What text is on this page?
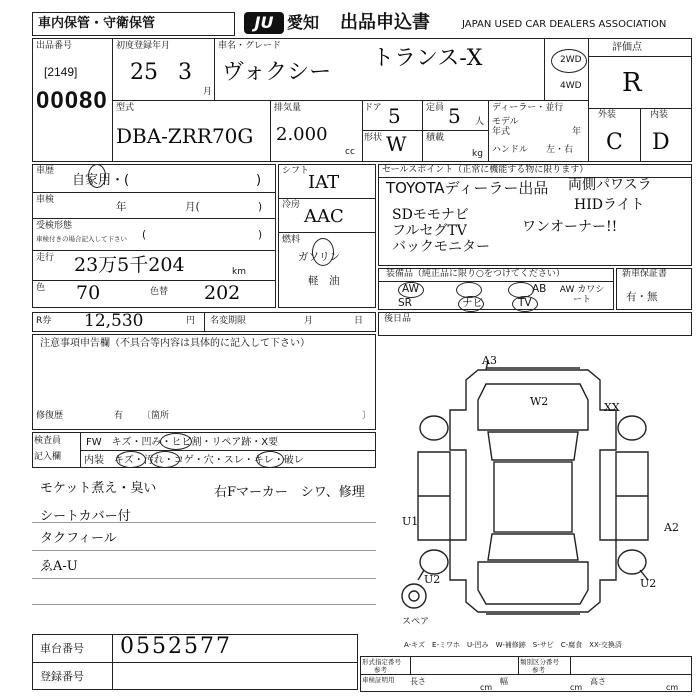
車内保管・守衛保管	JU 愛知 出品申込書	JAPAN USED CAR DEALERS ASSOCIATION
出品番号
[2149]
00080
初度登録年月
25 3
月
車名・グレード
ヴォクシー
トランス-X	2WD
4WD
評価点
R
外装	内装
C D
型式
DBA-ZRR70G
排気量
2.000
cc
ドア 5	定員 5 人
形状 W 積載
kg
ディーラー・並行
モデル
年式	年
ハンドル 左・右
車歴
自家用・(	)
車検
年	月(	)
受検形態
車検付きの場合記入して下さい (	)
走行 23万5千204	km
色 70	色替 202
シフト
IAT
冷房
AAC
燃料
ガソリン
軽　油
セールスポイント（正常に機能する物に限ります）
TOYOTAディーラー出品 両側パワスラ
HIDライト
SDモモナビ
フルセグTV	ワンオーナー!!
バックモニター
装備品（純正品に限り○をつけてください）
AW	AB
SR	ナビ	TV
AW カワシート
新車保証書
有・無
R券 12,530	円 名変期限	月	日 後日品
注意事項申告欄（不具合等内容は具体的に記入して下さい）
修復歴	有 〔箇所	〕
検査員
記入欄
FW　キズ・凹み・ヒビ割・リペア跡・X要
内装　キズ・汚れ・コゲ・穴・スレ・キレ・破レ
モケット煮え・臭い	右Fマーカー　シワ、修理
シートカバー付
タクフィール
ゑA-U
A3
W2	XX
U1	A2
U2	U2
スペア
A-キズ　E-ミワホ　U-凹み　W-補修跡　S-サビ　C-腐食　XX-交換済
車台番号 0552577
登録番号
形式指定番号
参考
類別区分番号
参考
車検証明用 長さ
cm
幅
cm
高さ
cm
